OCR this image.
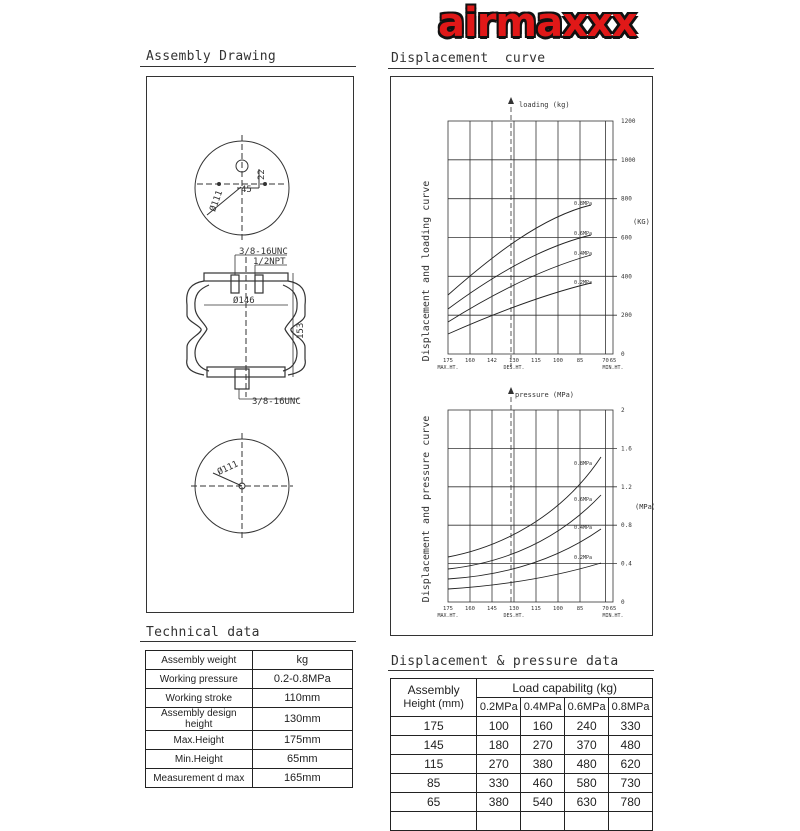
airmaxxx
Assembly Drawing	Displacement  curve
45
22
Ø111
3/8-16UNC
1/2NPT
Ø146
153
3/8-16UNC
Ø111
Displacement and loading curve
loading (kg)
(KG)
1200
1000
800
600
400
200
0
175 160 142 130 115 100 85	70 65
MAX.HT.	DES.HT.	MIN.HT.
0.8MPa
0.6MPa
0.4MPa
0.2MPa
Displacement and pressure curve
pressure (MPa)
(MPa)
2
1.6
1.2
0.8
0.4
0
175 160 145 130 115 100 85	70 65
MAX.HT.	DES.HT.	MIN.HT.
0.8MPa
0.6MPa
0.4MPa
0.2MPa
Technical data
Assembly weight	kg
Working pressure	0.2-0.8MPa
Working stroke	110mm
Assembly design height	130mm
Max.Height	175mm
Min.Height	65mm
Measurement d max	165mm
Displacement & pressure data
Assembly
Height (mm)	Load capabilitg (kg)			
	0.2MPa	0.4MPa	0.6MPa	0.8MPa
175	100	160	240	330
145	180	270	370	480
115	270	380	480	620
85	330	460	580	730
65	380	540	630	780
